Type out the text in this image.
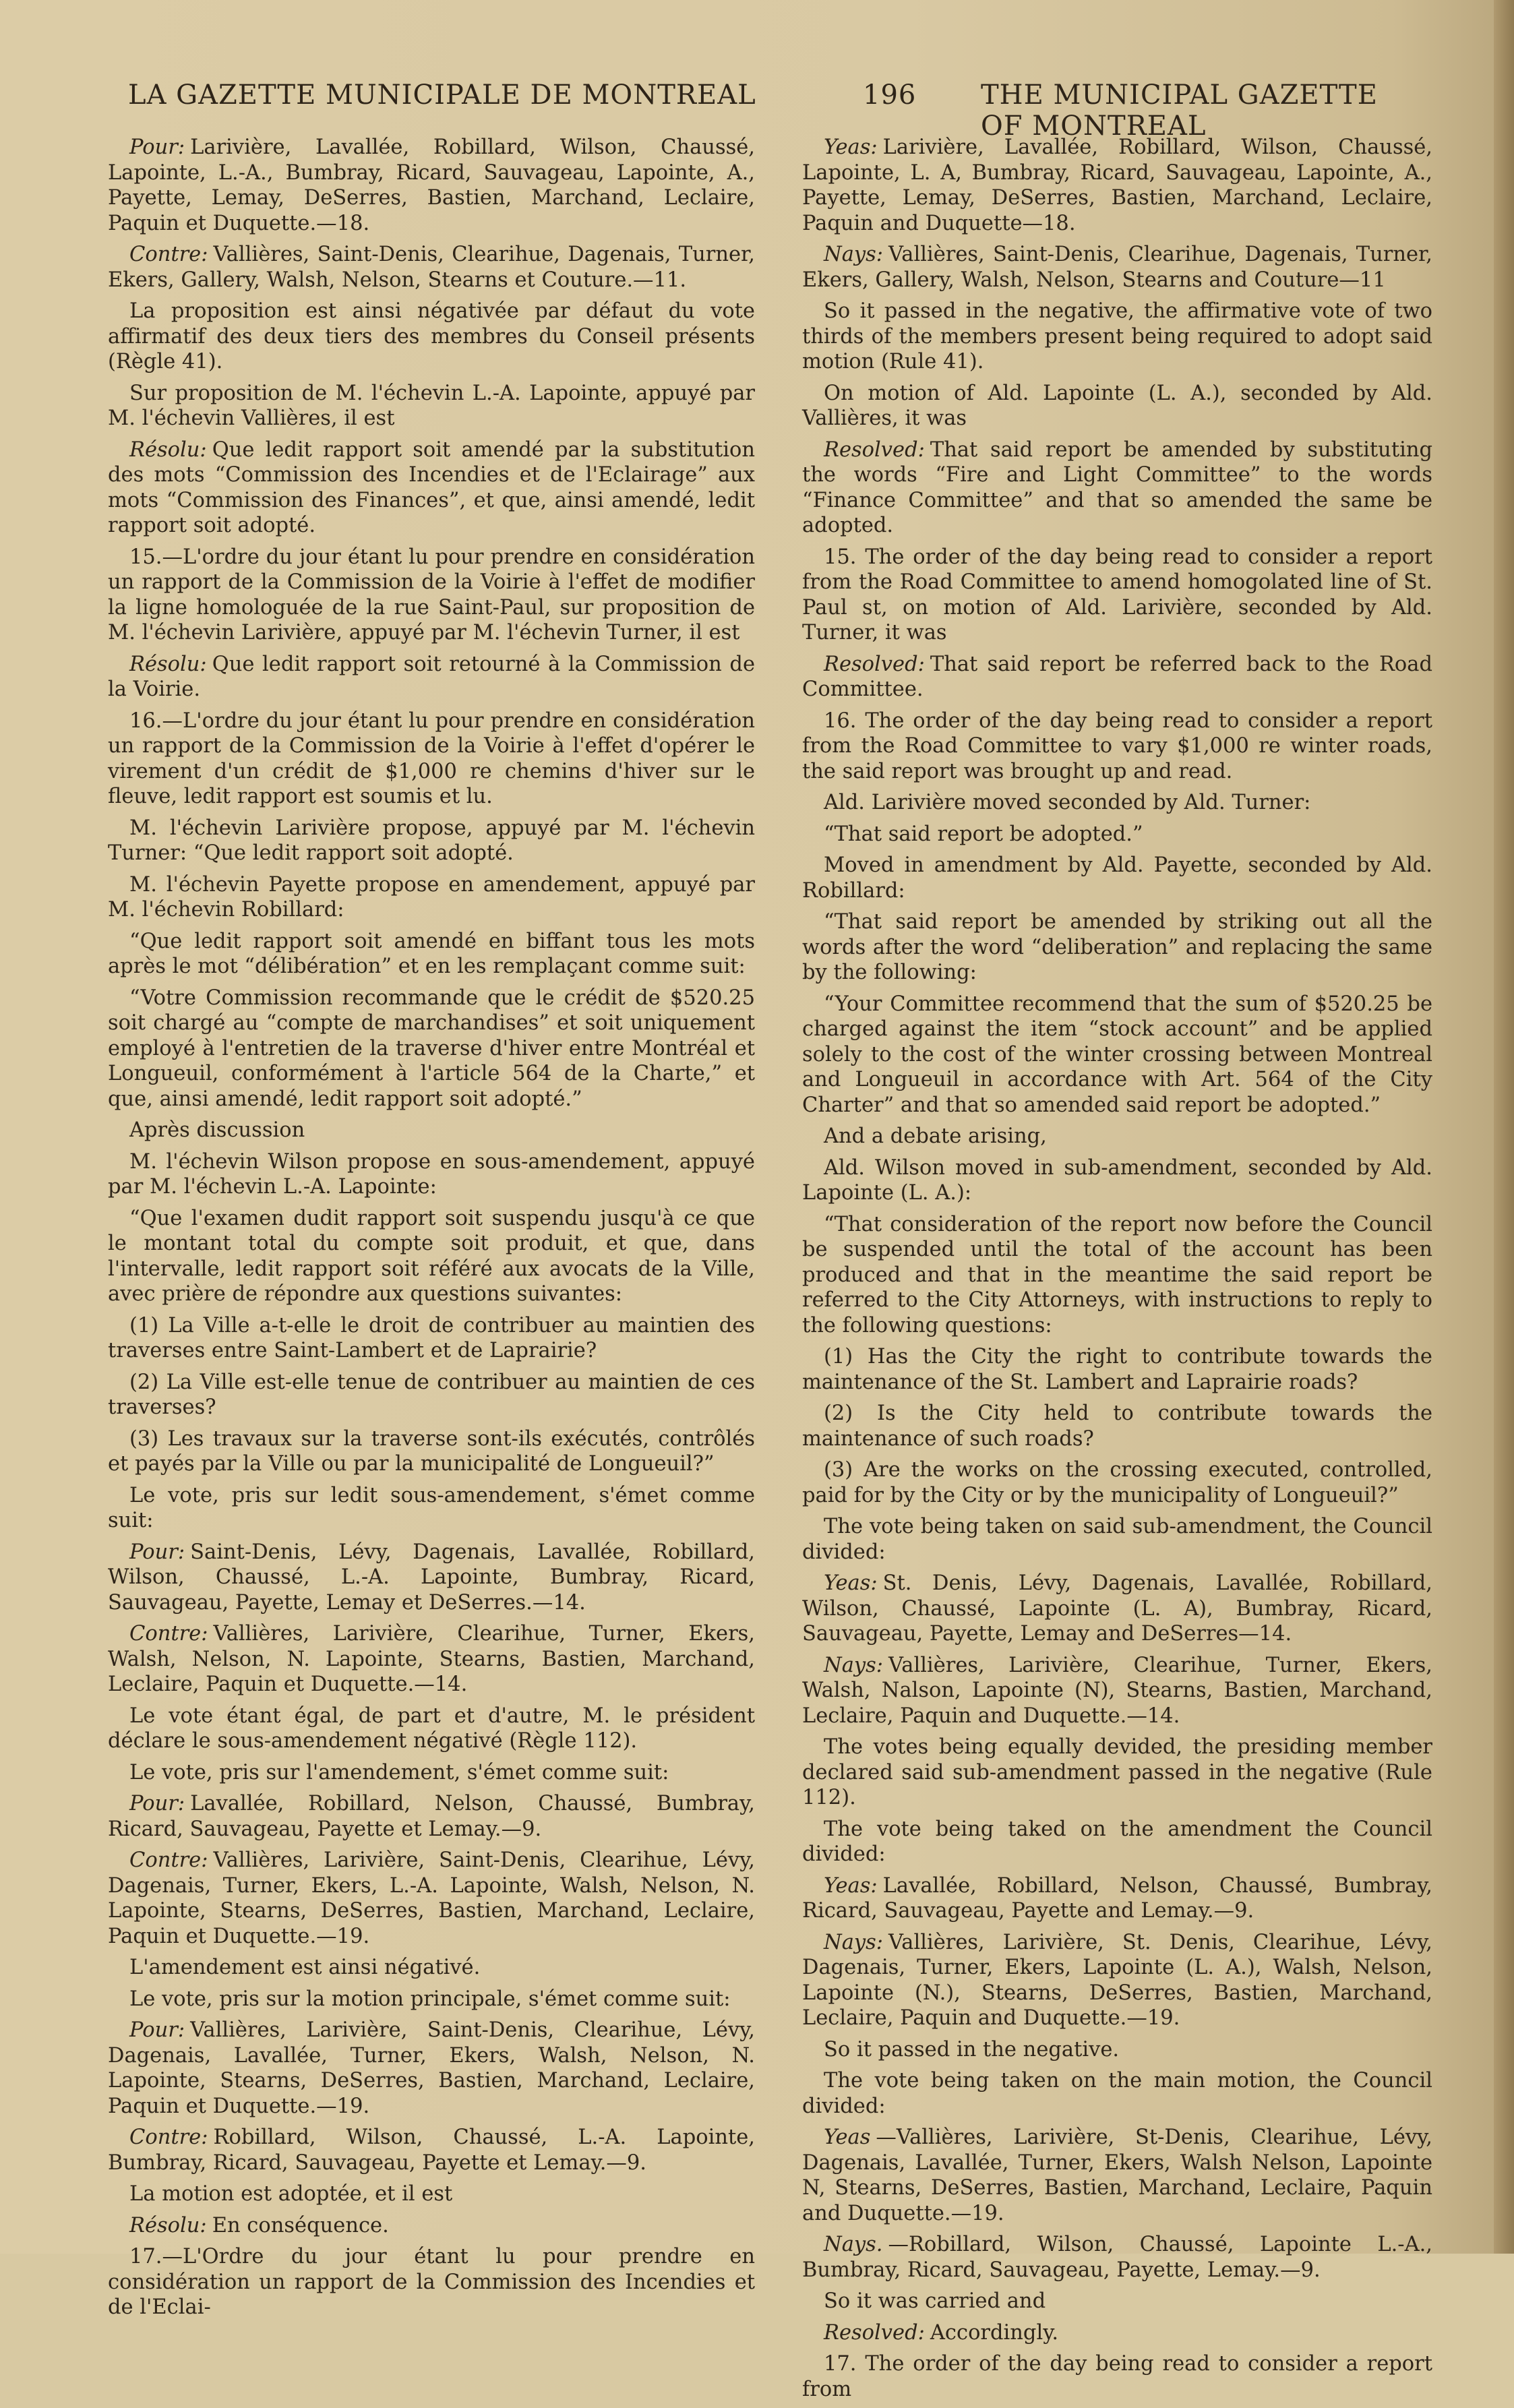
LA GAZETTE MUNICIPALE DE MONTREAL	196 THE MUNICIPAL GAZETTE OF MONTREAL

Pour: Larivière, Lavallée, Robillard, Wilson, Chaussé, Lapointe, L.-A., Bumbray, Ricard, Sauvageau, Lapointe, A., Payette, Lemay, DeSerres, Bastien, Marchand, Leclaire, Paquin et Duquette.—18.

Contre: Vallières, Saint-Denis, Clearihue, Dagenais, Turner, Ekers, Gallery, Walsh, Nelson, Stearns et Couture.—11.

La proposition est ainsi négativée par défaut du vote affirmatif des deux tiers des membres du Conseil présents (Règle 41).

Sur proposition de M. l'échevin L.-A. Lapointe, appuyé par M. l'échevin Vallières, il est

Résolu: Que ledit rapport soit amendé par la substitution des mots “Commission des Incendies et de l'Eclairage” aux mots “Commission des Finances”, et que, ainsi amendé, ledit rapport soit adopté.

15.—L'ordre du jour étant lu pour prendre en considération un rapport de la Commission de la Voirie à l'effet de modifier la ligne homologuée de la rue Saint-Paul, sur proposition de M. l'échevin Larivière, appuyé par M. l'échevin Turner, il est

Résolu: Que ledit rapport soit retourné à la Commission de la Voirie.

16.—L'ordre du jour étant lu pour prendre en considération un rapport de la Commission de la Voirie à l'effet d'opérer le virement d'un crédit de $1,000 re chemins d'hiver sur le fleuve, ledit rapport est soumis et lu.

M. l'échevin Larivière propose, appuyé par M. l'échevin Turner: “Que ledit rapport soit adopté.

M. l'échevin Payette propose en amendement, appuyé par M. l'échevin Robillard:

“Que ledit rapport soit amendé en biffant tous les mots après le mot “délibération” et en les remplaçant comme suit:

“Votre Commission recommande que le crédit de $520.25 soit chargé au “compte de marchandises” et soit uniquement employé à l'entretien de la traverse d'hiver entre Montréal et Longueuil, conformément à l'article 564 de la Charte,” et que, ainsi amendé, ledit rapport soit adopté.”

Après discussion

M. l'échevin Wilson propose en sous-amendement, appuyé par M. l'échevin L.-A. Lapointe:

“Que l'examen dudit rapport soit suspendu jusqu'à ce que le montant total du compte soit produit, et que, dans l'intervalle, ledit rapport soit référé aux avocats de la Ville, avec prière de répondre aux questions suivantes:

(1) La Ville a-t-elle le droit de contribuer au maintien des traverses entre Saint-Lambert et de Laprairie?

(2) La Ville est-elle tenue de contribuer au maintien de ces traverses?

(3) Les travaux sur la traverse sont-ils exécutés, contrôlés et payés par la Ville ou par la municipalité de Longueuil?”

Le vote, pris sur ledit sous-amendement, s'émet comme suit:

Pour: Saint-Denis, Lévy, Dagenais, Lavallée, Robillard, Wilson, Chaussé, L.-A. Lapointe, Bumbray, Ricard, Sauvageau, Payette, Lemay et DeSerres.—14.

Contre: Vallières, Larivière, Clearihue, Turner, Ekers, Walsh, Nelson, N. Lapointe, Stearns, Bastien, Marchand, Leclaire, Paquin et Duquette.—14.

Le vote étant égal, de part et d'autre, M. le président déclare le sous-amendement négativé (Règle 112).

Le vote, pris sur l'amendement, s'émet comme suit:

Pour: Lavallée, Robillard, Nelson, Chaussé, Bumbray, Ricard, Sauvageau, Payette et Lemay.—9.

Contre: Vallières, Larivière, Saint-Denis, Clearihue, Lévy, Dagenais, Turner, Ekers, L.-A. Lapointe, Walsh, Nelson, N. Lapointe, Stearns, DeSerres, Bastien, Marchand, Leclaire, Paquin et Duquette.—19.

L'amendement est ainsi négativé.

Le vote, pris sur la motion principale, s'émet comme suit:

Pour: Vallières, Larivière, Saint-Denis, Clearihue, Lévy, Dagenais, Lavallée, Turner, Ekers, Walsh, Nelson, N. Lapointe, Stearns, DeSerres, Bastien, Marchand, Leclaire, Paquin et Duquette.—19.

Contre: Robillard, Wilson, Chaussé, L.-A. Lapointe, Bumbray, Ricard, Sauvageau, Payette et Lemay.—9.

La motion est adoptée, et il est

Résolu: En conséquence.

17.—L'Ordre du jour étant lu pour prendre en considération un rapport de la Commission des Incendies et de l'Eclai-

Yeas: Larivière, Lavallée, Robillard, Wilson, Chaussé, Lapointe, L. A, Bumbray, Ricard, Sauvageau, Lapointe, A., Payette, Lemay, DeSerres, Bastien, Marchand, Leclaire, Paquin and Duquette—18.

Nays: Vallières, Saint-Denis, Clearihue, Dagenais, Turner, Ekers, Gallery, Walsh, Nelson, Stearns and Couture—11

So it passed in the negative, the affirmative vote of two thirds of the members present being required to adopt said motion (Rule 41).

On motion of Ald. Lapointe (L. A.), seconded by Ald. Vallières, it was

Resolved: That said report be amended by substituting the words “Fire and Light Committee” to the words “Finance Committee” and that so amended the same be adopted.

15. The order of the day being read to consider a report from the Road Committee to amend homogolated line of St. Paul st, on motion of Ald. Larivière, seconded by Ald. Turner, it was

Resolved: That said report be referred back to the Road Committee.

16. The order of the day being read to consider a report from the Road Committee to vary $1,000 re winter roads, the said report was brought up and read.

Ald. Larivière moved seconded by Ald. Turner:

“That said report be adopted.”

Moved in amendment by Ald. Payette, seconded by Ald. Robillard:

“That said report be amended by striking out all the words after the word “deliberation” and replacing the same by the following:

“Your Committee recommend that the sum of $520.25 be charged against the item “stock account” and be applied solely to the cost of the winter crossing between Montreal and Longueuil in accordance with Art. 564 of the City Charter” and that so amended said report be adopted.”

And a debate arising,

Ald. Wilson moved in sub-amendment, seconded by Ald. Lapointe (L. A.):

“That consideration of the report now before the Council be suspended until the total of the account has been produced and that in the meantime the said report be referred to the City Attorneys, with instructions to reply to the following questions:

(1) Has the City the right to contribute towards the maintenance of the St. Lambert and Laprairie roads?

(2) Is the City held to contribute towards the maintenance of such roads?

(3) Are the works on the crossing executed, controlled, paid for by the City or by the municipality of Longueuil?”

The vote being taken on said sub-amendment, the Council divided:

Yeas: St. Denis, Lévy, Dagenais, Lavallée, Robillard, Wilson, Chaussé, Lapointe (L. A), Bumbray, Ricard, Sauvageau, Payette, Lemay and DeSerres—14.

Nays: Vallières, Larivière, Clearihue, Turner, Ekers, Walsh, Nalson, Lapointe (N), Stearns, Bastien, Marchand, Leclaire, Paquin and Duquette.—14.

The votes being equally devided, the presiding member declared said sub-amendment passed in the negative (Rule 112).

The vote being taked on the amendment the Council divided:

Yeas: Lavallée, Robillard, Nelson, Chaussé, Bumbray, Ricard, Sauvageau, Payette and Lemay.—9.

Nays: Vallières, Larivière, St. Denis, Clearihue, Lévy, Dagenais, Turner, Ekers, Lapointe (L. A.), Walsh, Nelson, Lapointe (N.), Stearns, DeSerres, Bastien, Marchand, Leclaire, Paquin and Duquette.—19.

So it passed in the negative.

The vote being taken on the main motion, the Council divided:

Yeas —Vallières, Larivière, St-Denis, Clearihue, Lévy, Dagenais, Lavallée, Turner, Ekers, Walsh Nelson, Lapointe N, Stearns, DeSerres, Bastien, Marchand, Leclaire, Paquin and Duquette.—19.

Nays. —Robillard, Wilson, Chaussé, Lapointe L.-A., Bumbray, Ricard, Sauvageau, Payette, Lemay.—9.

So it was carried and

Resolved: Accordingly.

17. The order of the day being read to consider a report from
